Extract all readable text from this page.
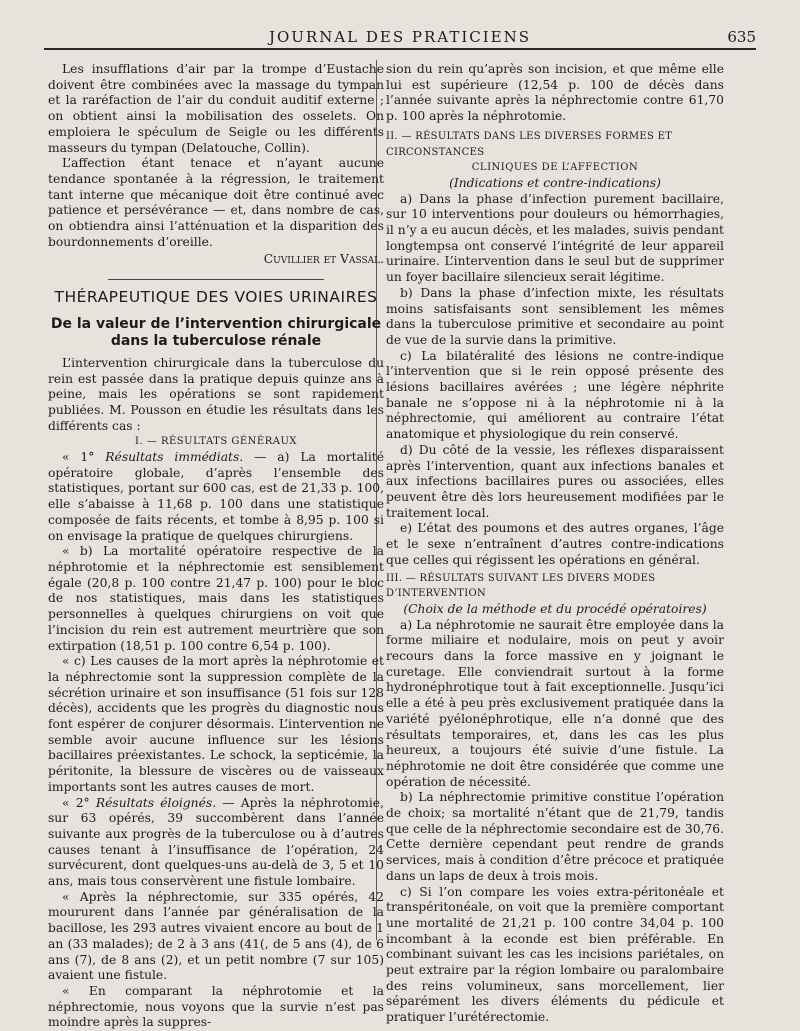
JOURNAL DES PRATICIENS	635

Les insufflations d’air par la trompe d’Eustache doivent être combinées avec la massage du tympan et la raréfaction de l’air du conduit auditif externe ; on obtient ainsi la mobilisation des osselets. On emploiera le spéculum de Seigle ou les différents masseurs du tympan (Delatouche, Collin).

L’affection étant tenace et n’ayant aucune tendance spontanée à la régression, le traitement tant interne que mécanique doit être continué avec patience et persévérance — et, dans nombre de cas, on obtiendra ainsi l’atténuation et la disparition des bourdonnements d’oreille.

Cuvillier et Vassal.
THÉRAPEUTIQUE DES VOIES URINAIRES
De la valeur de l’intervention chirurgicale dans la tuberculose rénale

L’intervention chirurgicale dans la tuberculose du rein est passée dans la pratique depuis quinze ans à peine, mais les opérations se sont rapidement publiées. M. Pousson en étudie les résultats dans les différents cas :

I. — RÉSULTATS GÉNÉRAUX

« 1° Résultats immédiats. — a) La mortalité opératoire globale, d’après l’ensemble des statistiques, portant sur 600 cas, est de 21,33 p. 100, elle s’abaisse à 11,68 p. 100 dans une statistique composée de faits récents, et tombe à 8,95 p. 100 si on envisage la pratique de quelques chirurgiens.

« b) La mortalité opératoire respective de la néphrotomie et la néphrectomie est sensiblement égale (20,8 p. 100 contre 21,47 p. 100) pour le bloc de nos statistiques, mais dans les statistiques personnelles à quelques chirurgiens on voit que l’incision du rein est autrement meurtrière que son extirpation (18,51 p. 100 contre 6,54 p. 100).

« c) Les causes de la mort après la néphrotomie et la néphrectomie sont la suppression complète de la sécrétion urinaire et son insuffisance (51 fois sur 128 décès), accidents que les progrès du diagnostic nous font espérer de conjurer désormais. L’intervention ne semble avoir aucune influence sur les lésions bacillaires préexistantes. Le schock, la septicémie, la péritonite, la blessure de viscères ou de vaisseaux importants sont les autres causes de mort.

« 2° Résultats éloignés. — Après la néphrotomie, sur 63 opérés, 39 succombèrent dans l’année suivante aux progrès de la tuberculose ou à d’autres causes tenant à l’insuffisance de l’opération, 24 survécurent, dont quelques-uns au-delà de 3, 5 et 10 ans, mais tous conservèrent une fistule lombaire.

« Après la néphrectomie, sur 335 opérés, 42 moururent dans l’année par généralisation de la bacillose, les 293 autres vivaient encore au bout de 1 an (33 malades); de 2 à 3 ans (41(, de 5 ans (4), de 6 ans (7), de 8 ans (2), et un petit nombre (7 sur 105) avaient une fistule.

« En comparant la néphrotomie et la néphrectomie, nous voyons que la survie n’est pas moindre après la suppres-

sion du rein qu’après son incision, et que même elle lui est supérieure (12,54 p. 100 de décès dans l’année suivante après la néphrectomie contre 61,70 p. 100 après la néphrotomie.

II. — RÉSULTATS DANS LES DIVERSES FORMES ET CIRCONSTANCES

CLINIQUES DE L’AFFECTION

(Indications et contre-indications)

a) Dans la phase d’infection purement bacillaire, sur 10 interventions pour douleurs ou hémorrhagies, il n’y a eu aucun décès, et les malades, suivis pendant longtempsa ont conservé l’intégrité de leur appareil urinaire. L’intervention dans le seul but de supprimer un foyer bacillaire silencieux serait légitime.

b) Dans la phase d’infection mixte, les résultats moins satisfaisants sont sensiblement les mêmes dans la tuberculose primitive et secondaire au point de vue de la survie dans la primitive.

c) La bilatéralité des lésions ne contre-indique l’intervention que si le rein opposé présente des lésions bacillaires avérées ; une légère néphrite banale ne s’oppose ni à la néphrotomie ni à la néphrectomie, qui améliorent au contraire l’état anatomique et physiologique du rein conservé.

d) Du côté de la vessie, les réflexes disparaissent après l’intervention, quant aux infections banales et aux infections bacillaires pures ou associées, elles peuvent être dès lors heureusement modifiées par le traitement local.

e) L’état des poumons et des autres organes, l’âge et le sexe n’entraînent d’autres contre-indications que celles qui régissent les opérations en général.

III. — RÉSULTATS SUIVANT LES DIVERS MODES D’INTERVENTION

(Choix de la méthode et du procédé opératoires)

a) La néphrotomie ne saurait être employée dans la forme miliaire et nodulaire, mois on peut y avoir recours dans la force massive en y joignant le curetage. Elle conviendrait surtout à la forme hydronéphrotique tout à fait exceptionnelle. Jusqu’ici elle a été à peu près exclusivement pratiquée dans la variété pyélonéphrotique, elle n’a donné que des résultats temporaires, et, dans les cas les plus heureux, a toujours été suivie d’une fistule. La néphrotomie ne doit être considérée que comme une opération de nécessité.

b) La néphrectomie primitive constitue l’opération de choix; sa mortalité n’étant que de 21,79, tandis que celle de la néphrectomie secondaire est de 30,76. Cette dernière cependant peut rendre de grands services, mais à condition d’être précoce et pratiquée dans un laps de deux à trois mois.

c) Si l’on compare les voies extra-péritonéale et transpéritonéale, on voit que la première comportant une mortalité de 21,21 p. 100 contre 34,04 p. 100 incombant à la econde est bien préférable. En combinant suivant les cas les incisions pariétales, on peut extraire par la région lombaire ou paralombaire des reins volumineux, sans morcellement, lier séparément les divers éléments du pédicule et pratiquer l’urétérectomie.
